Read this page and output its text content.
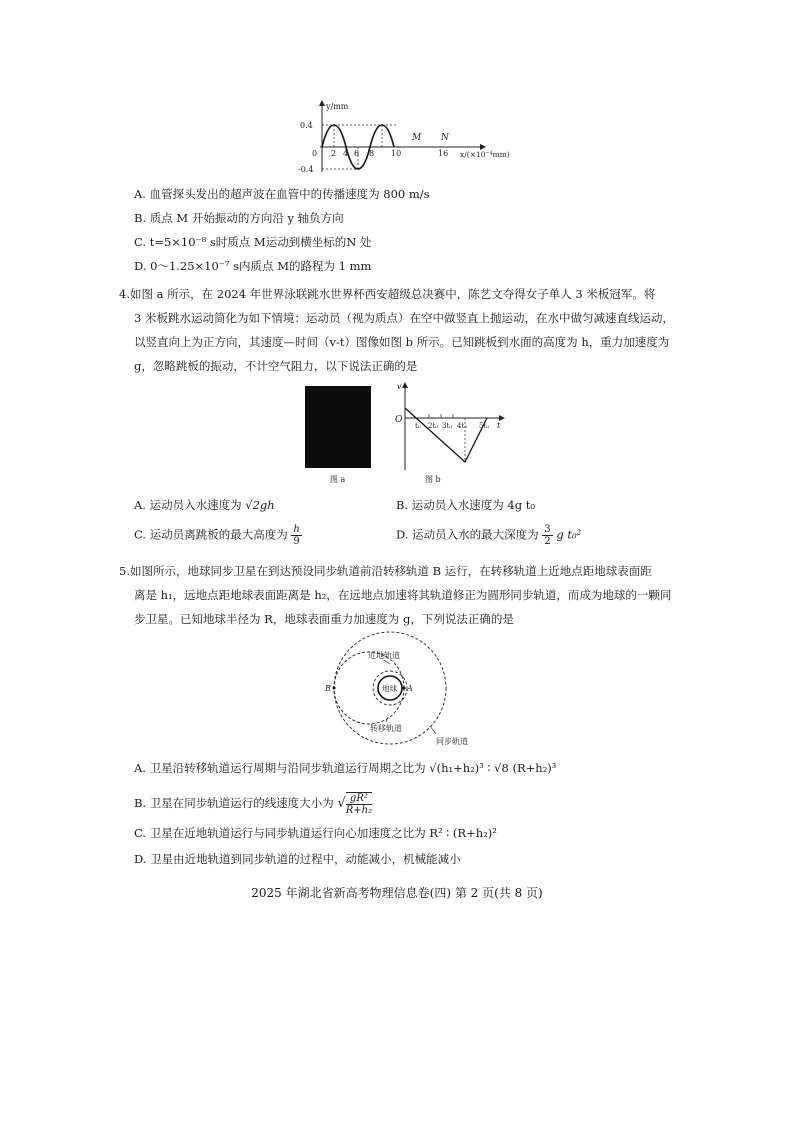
y/mm
0.4
0
-0.4
2 4 6 8 10	16
M N
x/(×10⁻⁴mm)
A. 血管探头发出的超声波在血管中的传播速度为 800 m/s
B. 质点 M 开始振动的方向沿 y 轴负方向
C. t=5×10⁻⁸ s时质点 M运动到横坐标的N 处
D. 0～1.25×10⁻⁷ s内质点 M的路程为 1 mm
4.如图 a 所示，在 2024 年世界泳联跳水世界杯西安超级总决赛中，陈艺文夺得女子单人 3 米板冠军。将
3 米板跳水运动简化为如下情境：运动员（视为质点）在空中做竖直上抛运动，在水中做匀减速直线运动，
以竖直向上为正方向，其速度—时间（v-t）图像如图 b 所示。已知跳板到水面的高度为 h，重力加速度为
g，忽略跳板的振动，不计空气阻力，以下说法正确的是
图 a
v
O
t
t₀ 2t₀ 3t₀ 4t₀ 5t₀
图 b
A. 运动员入水速度为 √2gh	B. 运动员入水速度为 4g t₀
C. 运动员离跳板的最大高度为 $\frac{h}{9}$	D. 运动员入水的最大深度为 $\frac{3}{2}$ g t₀²
5.如图所示，地球同步卫星在到达预设同步轨道前沿转移轨道 B 运行，在转移轨道上近地点距地球表面距
离是 h₁，远地点距地球表面距离是 h₂，在远地点加速将其轨道修正为圆形同步轨道，而成为地球的一颗同
步卫星。已知地球半径为 R，地球表面重力加速度为 g，下列说法正确的是
近地轨道
地球 A
B
转移轨道
同步轨道
A. 卫星沿转移轨道运行周期与沿同步轨道运行周期之比为 √(h₁+h₂)³ ∶ √8 (R+h₂)³
B. 卫星在同步轨道运行的线速度大小为 √ $\frac{\text{gR²}}{\text{R+h₂}}$
C. 卫星在近地轨道运行与同步轨道运行向心加速度之比为 R² ∶ (R+h₂)²
D. 卫星由近地轨道到同步轨道的过程中，动能减小，机械能减小
2025 年湖北省新高考物理信息卷(四) 第 2 页(共 8 页)
